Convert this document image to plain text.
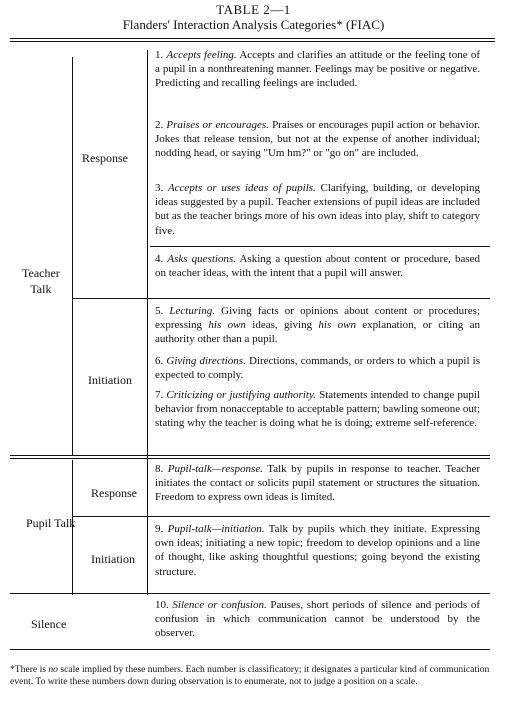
TABLE 2—1
Flanders' Interaction Analysis Categories* (FIAC)
Teacher
Talk
Pupil Talk
Silence
Response
Initiation
Response
Initiation
1. Accepts feeling. Accepts and clarifies an attitude or the feeling tone of a pupil in a nonthreatening manner. Feelings may be positive or negative. Predicting and recalling feelings are included.
2. Praises or encourages. Praises or encourages pupil action or behavior. Jokes that release tension, but not at the expense of another individual; nodding head, or saying "Um hm?" or "go on" are included.
3. Accepts or uses ideas of pupils. Clarifying, building, or developing ideas suggested by a pupil. Teacher extensions of pupil ideas are included but as the teacher brings more of his own ideas into play, shift to category five.
4. Asks questions. Asking a question about content or procedure, based on teacher ideas, with the intent that a pupil will answer.
5. Lecturing. Giving facts or opinions about content or procedures; expressing his own ideas, giving his own explanation, or citing an authority other than a pupil.
6. Giving directions. Directions, commands, or orders to which a pupil is expected to comply.
7. Criticizing or justifying authority. Statements intended to change pupil behavior from nonacceptable to acceptable pattern; bawling someone out; stating why the teacher is doing what he is doing; extreme self-reference.
8. Pupil-talk—response. Talk by pupils in response to teacher. Teacher initiates the contact or solicits pupil statement or structures the situation. Freedom to express own ideas is limited.
9. Pupil-talk—initiation. Talk by pupils which they initiate. Expressing own ideas; initiating a new topic; freedom to develop opinions and a line of thought, like asking thoughtful questions; going beyond the existing structure.
10. Silence or confusion. Pauses, short periods of silence and periods of confusion in which communication cannot be understood by the observer.
*There is no scale implied by these numbers. Each number is classificatory; it designates a particular kind of communication event. To write these numbers down during observation is to enumerate, not to judge a position on a scale.
